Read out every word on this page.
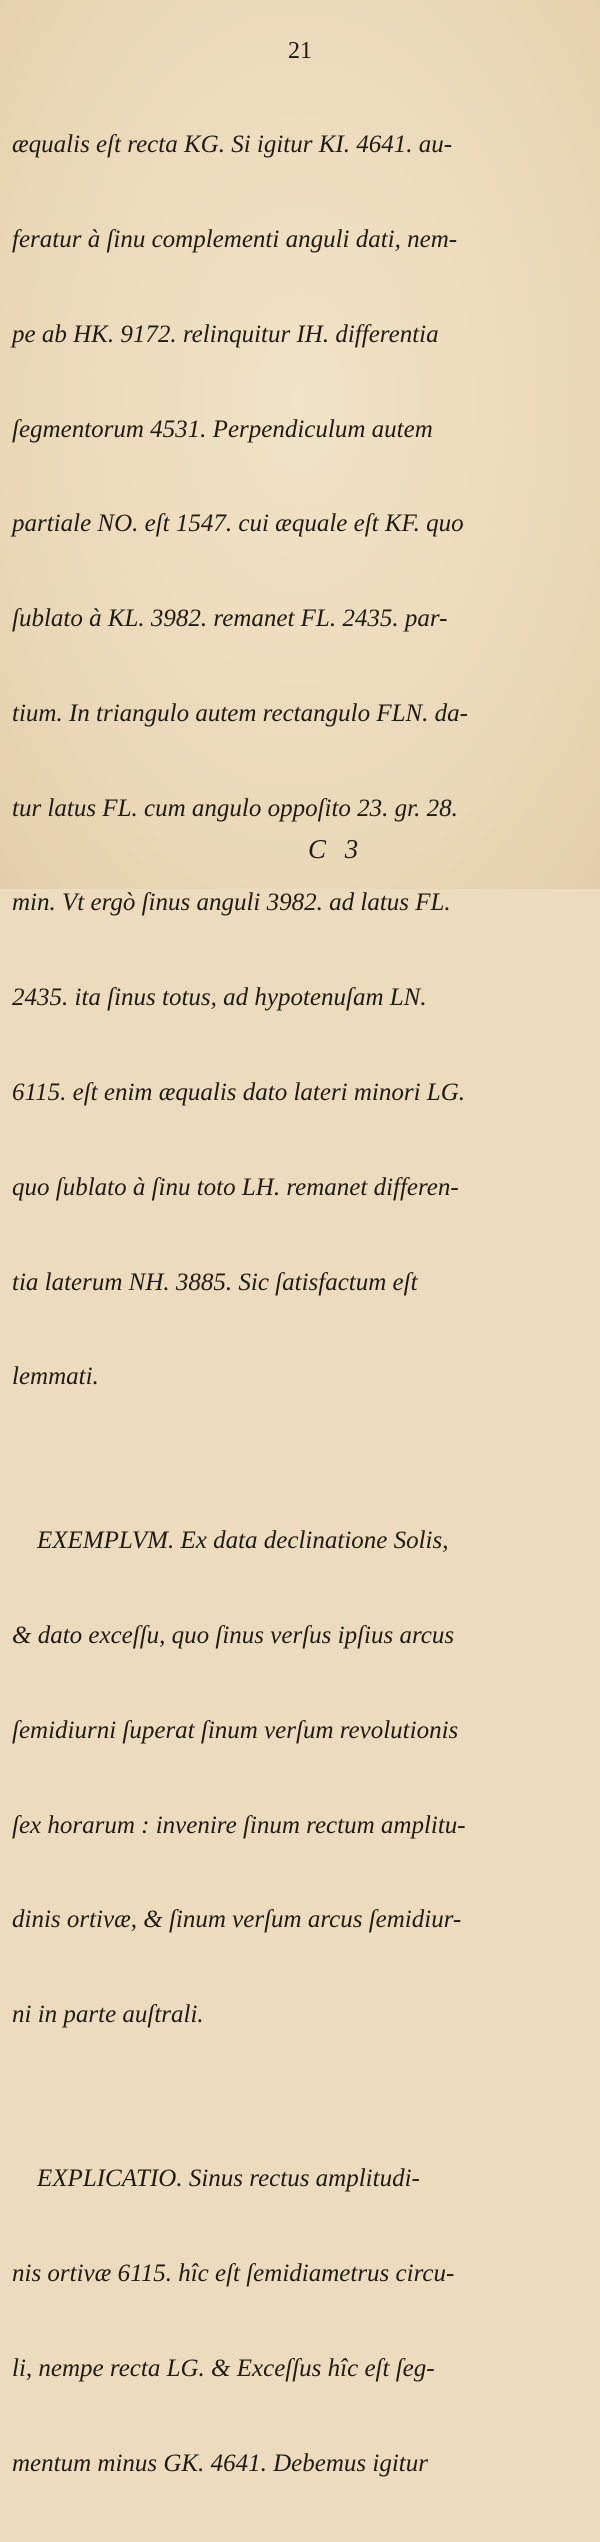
21

æqualis eſt recta KG. Si igitur KI. 4641. au-

feratur à ſinu complementi anguli dati, nem-

pe ab HK. 9172. relinquitur IH. differentia

ſegmentorum 4531. Perpendiculum autem

partiale NO. eſt 1547. cui æquale eſt KF. quo

ſublato à KL. 3982. remanet FL. 2435. par-

tium. In triangulo autem rectangulo FLN. da-

tur latus FL. cum angulo oppoſito 23. gr. 28.

min. Vt ergò ſinus anguli 3982. ad latus FL.

2435. ita ſinus totus, ad hypotenuſam LN.

6115. eſt enim æqualis dato lateri minori LG.

quo ſublato à ſinu toto LH. remanet differen-

tia laterum NH. 3885. Sic ſatisfactum eſt

lemmati.

EXEMPLVM. Ex data declinatione Solis,

& dato exceſſu, quo ſinus verſus ipſius arcus

ſemidiurni ſuperat ſinum verſum revolutionis

ſex horarum : invenire ſinum rectum amplitu-

dinis ortivæ, & ſinum verſum arcus ſemidiur-

ni in parte auſtrali.

EXPLICATIO. Sinus rectus amplitudi-

nis ortivæ 6115. hîc eſt ſemidiametrus circu-

li, nempe recta LG. & Exceſſus hîc eſt ſeg-

mentum minus GK. 4641. Debemus igitur

C 3
